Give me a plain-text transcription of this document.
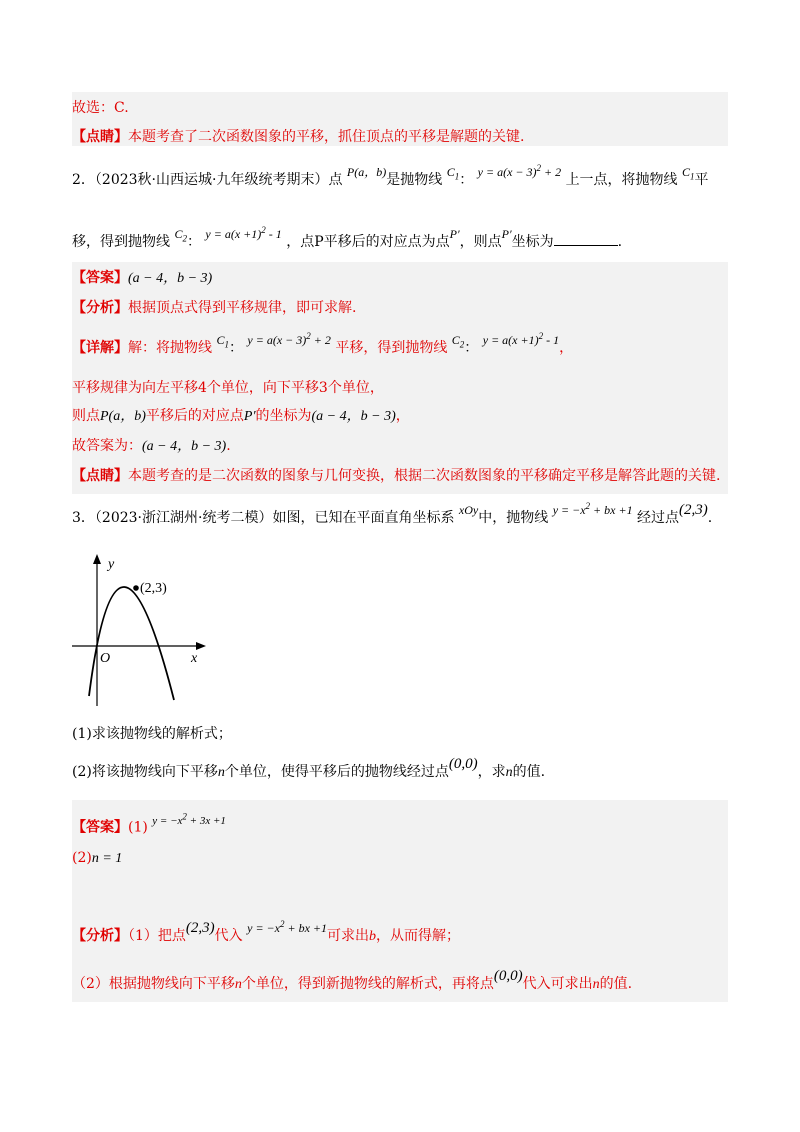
故选：C.
【点睛】本题考查了二次函数图象的平移，抓住顶点的平移是解题的关键.
2．（2023秋·山西运城·九年级统考期末）点 P(a，b)是抛物线 $C_1$： $y = a(x - 3)^2 + 2$ 上一点，将抛物线 $C_1$平
移，得到抛物线 $C_2$： $y = a(x +1)^2 - 1$ ，点P平移后的对应点为点P′，则点P′坐标为	.
【答案】(a − 4，b − 3)
【分析】根据顶点式得到平移规律，即可求解.
【详解】解：将抛物线 $C_1$： $y = a(x - 3)^2 + 2$ 平移，得到抛物线 $C_2$： $y = a(x +1)^2 - 1$，
平移规律为向左平移4个单位，向下平移3个单位，
则点P(a，b)平移后的对应点P′的坐标为(a − 4，b − 3)，
故答案为：(a − 4，b − 3).
【点睛】本题考查的是二次函数的图象与几何变换，根据二次函数图象的平移确定平移是解答此题的关键.
3．（2023·浙江湖州·统考二模）如图，已知在平面直角坐标系 xOy中，抛物线 $y = -x^2$ + bx +1 经过点(2,3).
y
x
O
(2,3)
(1)求该抛物线的解析式；
(2)将该抛物线向下平移n个单位，使得平移后的抛物线经过点(0,0)，求n的值.
【答案】(1) $^{y = -x^2 + 3x +1}$
(2)n = 1
【分析】（1）把点(2,3)代入 $y = -x^2$ + bx +1可求出b，从而得解；
（2）根据抛物线向下平移n个单位，得到新抛物线的解析式，再将点(0,0)代入可求出n的值.
